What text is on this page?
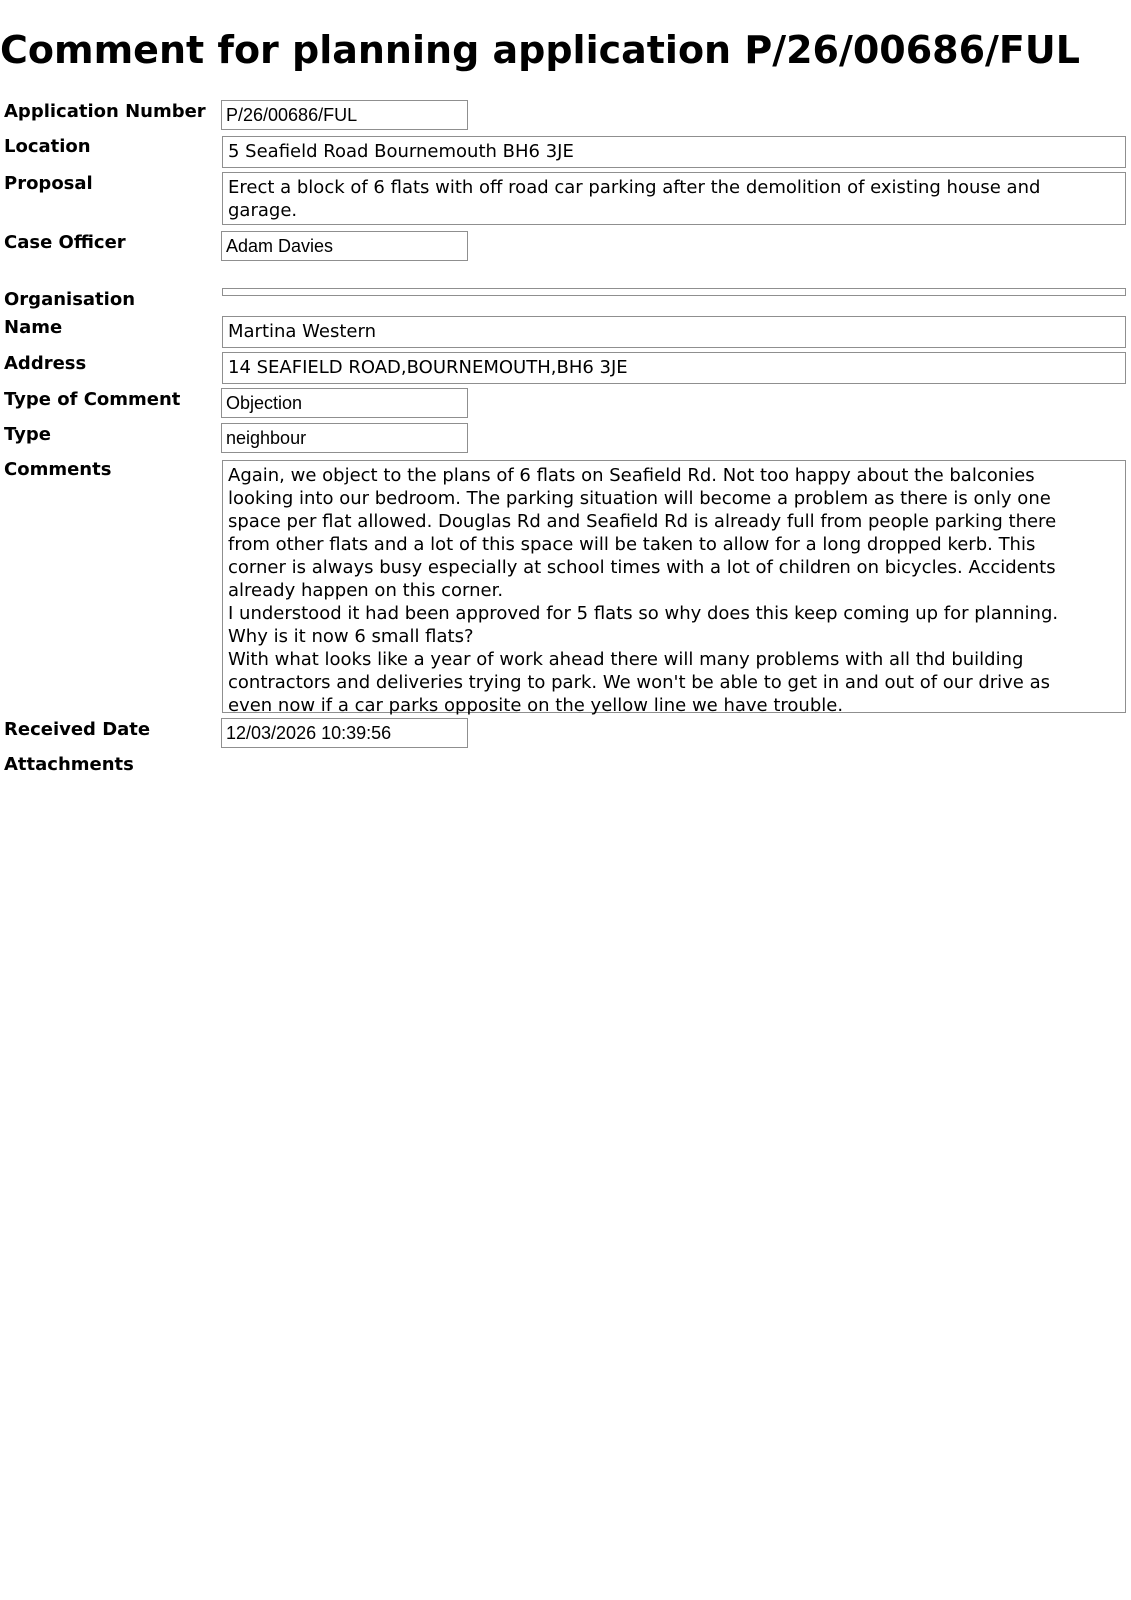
Comment for planning application P/26/00686/FUL
Application Number P/26/00686/FUL
Location	5 Seafield Road Bournemouth BH6 3JE
Proposal	Erect a block of 6 flats with off road car parking after the demolition of existing house and
garage.
Case Officer	Adam Davies
Organisation
Name	Martina Western
Address	14 SEAFIELD ROAD,BOURNEMOUTH,BH6 3JE
Type of Comment	Objection
Type	neighbour
Comments	Again, we object to the plans of 6 flats on Seafield Rd. Not too happy about the balconies
looking into our bedroom. The parking situation will become a problem as there is only one
space per flat allowed. Douglas Rd and Seafield Rd is already full from people parking there
from other flats and a lot of this space will be taken to allow for a long dropped kerb. This
corner is always busy especially at school times with a lot of children on bicycles. Accidents
already happen on this corner.
I understood it had been approved for 5 flats so why does this keep coming up for planning.
Why is it now 6 small flats?
With what looks like a year of work ahead there will many problems with all thd building
contractors and deliveries trying to park. We won't be able to get in and out of our drive as
even now if a car parks opposite on the yellow line we have trouble.
Received Date	12/03/2026 10:39:56
Attachments
